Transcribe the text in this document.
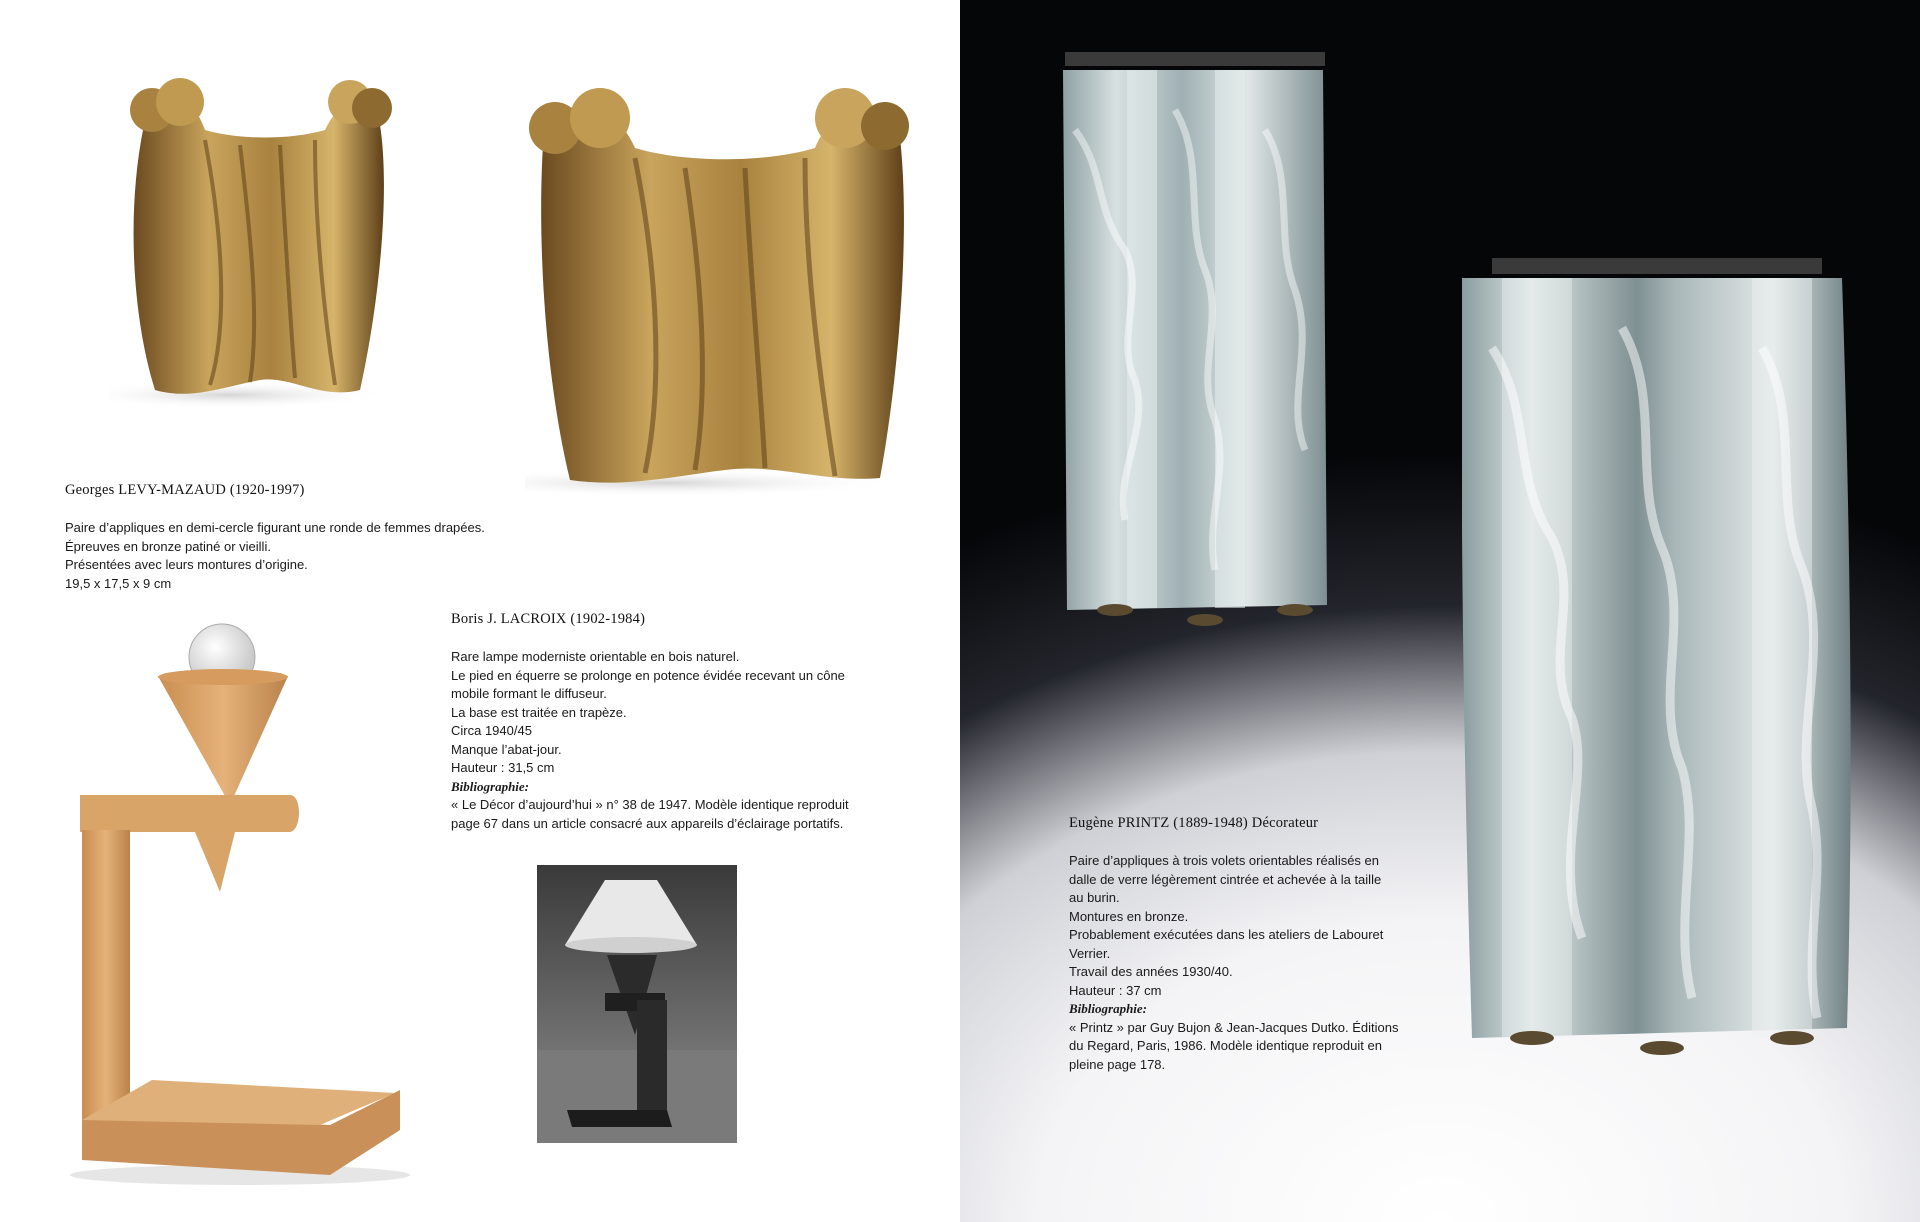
Georges LEVY-MAZAUD (1920-1997)
Paire d’appliques en demi-cercle figurant une ronde de femmes drapées.
Épreuves en bronze patiné or vieilli.
Présentées avec leurs montures d’origine.
19,5 x 17,5 x 9 cm
Boris J. LACROIX (1902-1984)
Rare lampe moderniste orientable en bois naturel.
Le pied en équerre se prolonge en potence évidée recevant un cône
mobile formant le diffuseur.
La base est traitée en trapèze.
Circa 1940/45
Manque l’abat-jour.
Hauteur : 31,5 cm
Bibliographie:
« Le Décor d’aujourd’hui » n° 38 de 1947. Modèle identique reproduit
page 67 dans un article consacré aux appareils d’éclairage portatifs.	Eugène PRINTZ (1889-1948) Décorateur
Paire d’appliques à trois volets orientables réalisés en
dalle de verre légèrement cintrée et achevée à la taille
au burin.
Montures en bronze.
Probablement exécutées dans les ateliers de Labouret
Verrier.
Travail des années 1930/40.
Hauteur : 37 cm
Bibliographie:
« Printz » par Guy Bujon & Jean-Jacques Dutko. Éditions
du Regard, Paris, 1986. Modèle identique reproduit en
pleine page 178.
